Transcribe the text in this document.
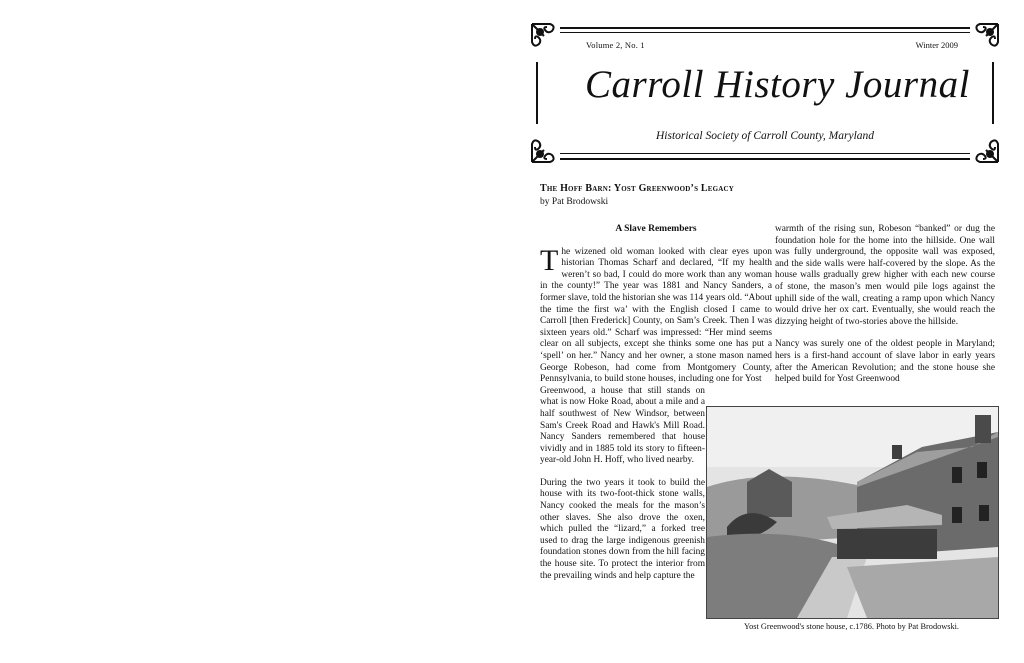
Volume 2, No. 1	Winter 2009
Carroll History Journal
Historical Society of Carroll County, Maryland
The Hoff Barn: Yost Greenwood’s Legacy
by Pat Brodowski
A Slave Remembers

The wizened old woman looked with clear eyes upon historian Thomas Scharf and declared, “If my health weren’t so bad, I could do more work than any woman in the county!” The year was 1881 and Nancy Sanders, a former slave, told the historian she was 114 years old. “About the time the first wa’ with the English closed I came to Carroll [then Frederick] County, on Sam’s Creek. Then I was sixteen years old.” Scharf was impressed: “Her mind seems clear on all subjects, except she thinks some one has put a ‘spell’ on her.” Nancy and her owner, a stone mason named George Robeson, had come from Montgomery County, Pennsylvania, to build stone houses, including one for Yost

Greenwood, a house that still stands on what is now Hoke Road, about a mile and a half southwest of New Windsor, between Sam's Creek Road and Hawk's Mill Road. Nancy Sanders remembered that house vividly and in 1885 told its story to fifteen-year-old John H. Hoff, who lived nearby.

During the two years it took to build the house with its two-foot-thick stone walls, Nancy cooked the meals for the mason’s other slaves. She also drove the oxen, which pulled the “lizard,” a forked tree used to drag the large indigenous greenish foundation stones down from the hill facing the house site. To protect the interior from the prevailing winds and help capture the

warmth of the rising sun, Robeson “banked” or dug the foundation hole for the home into the hillside. One wall was fully underground, the opposite wall was exposed, and the side walls were half-covered by the slope. As the house walls gradually grew higher with each new course of stone, the mason’s men would pile logs against the uphill side of the wall, creating a ramp upon which Nancy would drive her ox cart. Eventually, she would reach the dizzying height of two-stories above the hillside.

Nancy was surely one of the oldest people in Maryland; hers is a first-hand account of slave labor in early years after the American Revolution; and the stone house she helped build for Yost Greenwood

Yost Greenwood's stone house, c.1786. Photo by Pat Brodowski.
